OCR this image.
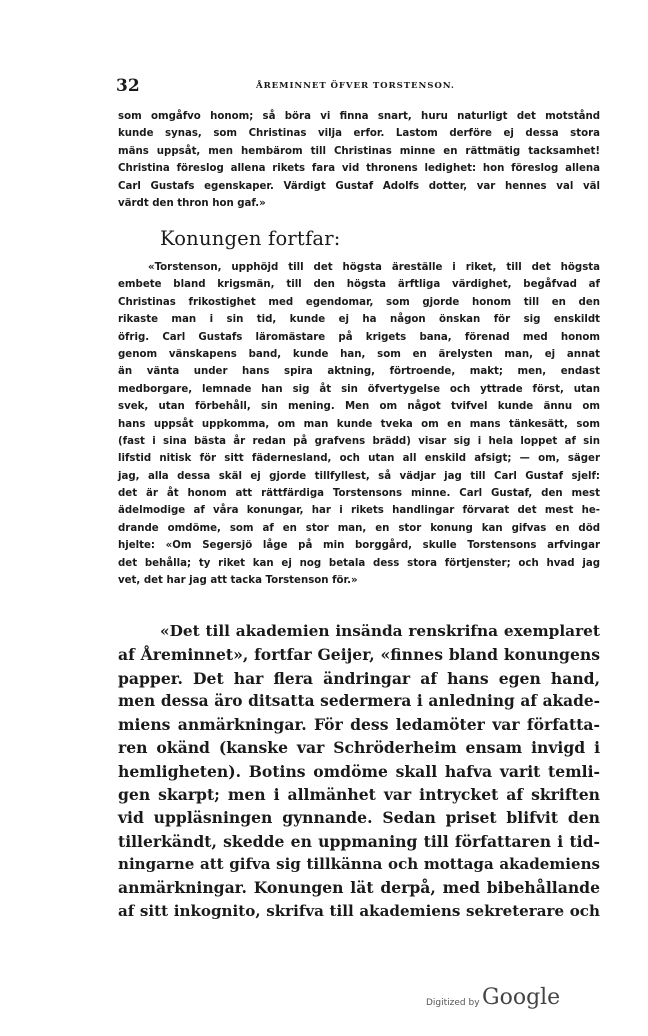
32	ÅREMINNET ÖFVER TORSTENSON.
som omgåfvo honom; så böra vi finna snart, huru naturligt det motstånd
kunde synas, som Christinas vilja erfor. Lastom derföre ej dessa stora
mäns uppsåt, men hembärom till Christinas minne en rättmätig tacksamhet!
Christina föreslog allena rikets fara vid thronens ledighet: hon föreslog allena
Carl Gustafs egenskaper. Värdigt Gustaf Adolfs dotter, var hennes val väl
värdt den thron hon gaf.»
Konungen fortfar:
«Torstenson, upphöjd till det högsta äreställe i riket, till det högsta
embete bland krigsmän, till den högsta ärftliga värdighet, begåfvad af
Christinas frikostighet med egendomar, som gjorde honom till en den
rikaste man i sin tid, kunde ej ha någon önskan för sig enskildt
öfrig. Carl Gustafs läromästare på krigets bana, förenad med honom
genom vänskapens band, kunde han, som en ärelysten man, ej annat
än vänta under hans spira aktning, förtroende, makt; men, endast
medborgare, lemnade han sig åt sin öfvertygelse och yttrade först, utan
svek, utan förbehåll, sin mening. Men om något tvifvel kunde ännu om
hans uppsåt uppkomma, om man kunde tveka om en mans tänkesätt, som
(fast i sina bästa år redan på grafvens brädd) visar sig i hela loppet af sin
lifstid nitisk för sitt fädernesland, och utan all enskild afsigt; — om, säger
jag, alla dessa skäl ej gjorde tillfyllest, så vädjar jag till Carl Gustaf sjelf:
det är åt honom att rättfärdiga Torstensons minne. Carl Gustaf, den mest
ädelmodige af våra konungar, har i rikets handlingar förvarat det mest he-
drande omdöme, som af en stor man, en stor konung kan gifvas en död
hjelte: «Om Segersjö låge på min borggård, skulle Torstensons arfvingar
det behålla; ty riket kan ej nog betala dess stora förtjenster; och hvad jag
vet, det har jag att tacka Torstenson för.»
«Det till akademien insända renskrifna exemplaret
af Åreminnet», fortfar Geijer, «finnes bland konungens
papper. Det har flera ändringar af hans egen hand,
men dessa äro ditsatta sedermera i anledning af akade-
miens anmärkningar. För dess ledamöter var författa-
ren okänd (kanske var Schröderheim ensam invigd i
hemligheten). Botins omdöme skall hafva varit temli-
gen skarpt; men i allmänhet var intrycket af skriften
vid uppläsningen gynnande. Sedan priset blifvit den
tillerkändt, skedde en uppmaning till författaren i tid-
ningarne att gifva sig tillkänna och mottaga akademiens
anmärkningar. Konungen lät derpå, med bibehållande
af sitt inkognito, skrifva till akademiens sekreterare och
Digitized by Google
